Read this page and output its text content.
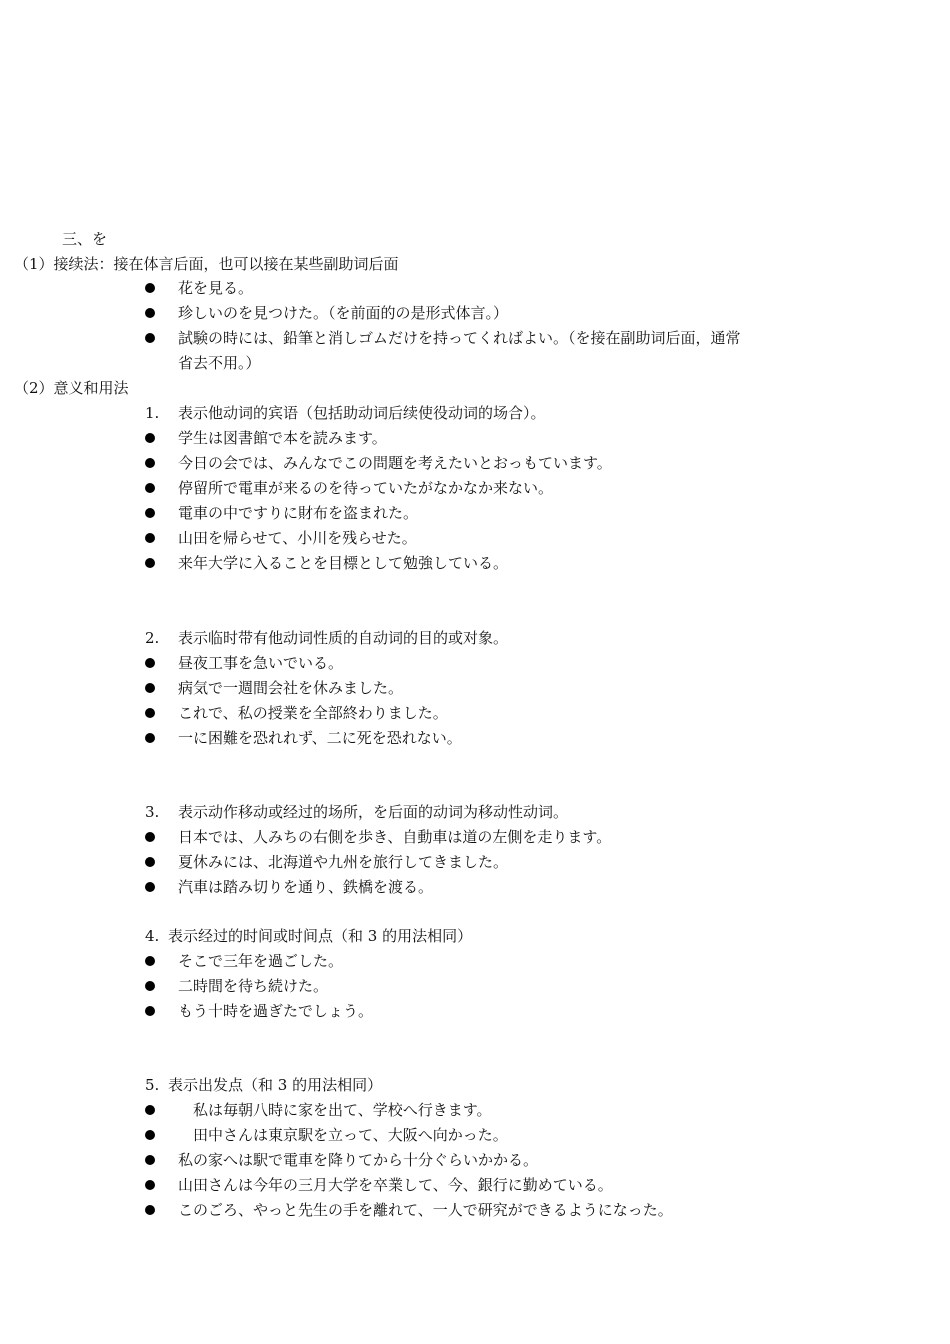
三、を
（1）接续法：接在体言后面，也可以接在某些副助词后面
花を見る。
珍しいのを見つけた。（を前面的の是形式体言。）
試験の時には、鉛筆と消しゴムだけを持ってくればよい。（を接在副助词后面，通常
省去不用。）
（2）意义和用法
1. 表示他动词的宾语（包括助动词后续使役动词的场合）。
学生は図書館で本を読みます。
今日の会では、みんなでこの問題を考えたいとおっもています。
停留所で電車が来るのを待っていたがなかなか来ない。
電車の中ですりに財布を盗まれた。
山田を帰らせて、小川を残らせた。
来年大学に入ることを目標として勉強している。
2. 表示临时带有他动词性质的自动词的目的或对象。
昼夜工事を急いでいる。
病気で一週間会社を休みました。
これで、私の授業を全部終わりました。
一に困難を恐れれず、二に死を恐れない。
3. 表示动作移动或经过的场所，を后面的动词为移动性动词。
日本では、人みちの右側を歩き、自動車は道の左側を走ります。
夏休みには、北海道や九州を旅行してきました。
汽車は踏み切りを通り、鉄橋を渡る。
4. 表示经过的时间或时间点（和 3 的用法相同）
そこで三年を過ごした。
二時間を待ち続けた。
もう十時を過ぎたでしょう。
5. 表示出发点（和 3 的用法相同）
　私は毎朝八時に家を出て、学校へ行きます。
　田中さんは東京駅を立って、大阪へ向かった。
私の家へは駅で電車を降りてから十分ぐらいかかる。
山田さんは今年の三月大学を卒業して、今、銀行に勤めている。
このごろ、やっと先生の手を離れて、一人で研究ができるようになった。
